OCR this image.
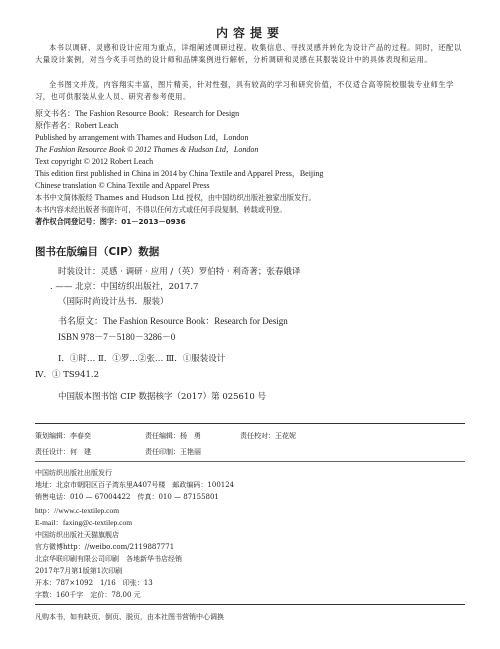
内容提要
本书以调研、灵感和设计应用为重点，详细阐述调研过程。收集信息、寻找灵感并转化为设计产品的过程。同时，还配以大量设计案例，对当今炙手可热的设计师和品牌案例进行解析，分析调研和灵感在其服装设计中的具体表现和运用。
全书图文并茂，内容翔实丰富，图片精美，针对性强，具有较高的学习和研究价值，不仅适合高等院校服装专业师生学习，也可供服装从业人员、研究者参考使用。
原文书名：The Fashion Resource Book：Research for Design
原作者名：Robert Leach
Published by arrangement with Thames and Hudson Ltd，London
The Fashion Resource Book © 2012 Thames & Hudson Ltd，London
Text copyright © 2012 Robert Leach
This edition first published in China in 2014 by China Textile and Apparel Press，Beijing
Chinese translation © China Textile and Apparel Press
本书中文简体版经 Thames and Hudson Ltd 授权，由中国纺织出版社独家出版发行。
本书内容未经出版者书面许可，不得以任何方式或任何手段复制、转载或刊登。
著作权合同登记号：图字：01－2013－0936
图书在版编目（CIP）数据
时装设计：灵感 · 调研 · 应用 /（英）罗伯特 · 利奇著；张春娥译
. —— 北京：中国纺织出版社，2017.7
（国际时尚设计丛书．服装）
书名原文：The Fashion Resource Book：Research for Design
ISBN 978－7－5180－3286－0
Ⅰ．①时… Ⅱ．①罗…②张… Ⅲ．①服装设计
Ⅳ．① TS941.2
中国版本图书馆 CIP 数据核字（2017）第 025610 号
策划编辑：李春奕	责任编辑：杨　勇	责任校对：王花妮
责任设计：何　建	责任印制：王艳丽
中国纺织出版社出版发行
地址：北京市朝阳区百子湾东里A407号楼　邮政编码：100124
销售电话：010 — 67004422　传真：010 — 87155801
http：//www.c-textilep.com
E-mail：faxing@c-textilep.com
中国纺织出版社天猫旗舰店
官方微博http：//weibo.com/2119887771
北京华联印刷有限公司印刷　各地新华书店经销
2017年7月第1版第1次印刷
开本：787×1092　1/16　印张：13
字数：160千字　定价：78.00 元
凡购本书，如有缺页、倒页、脱页，由本社图书营销中心调换
